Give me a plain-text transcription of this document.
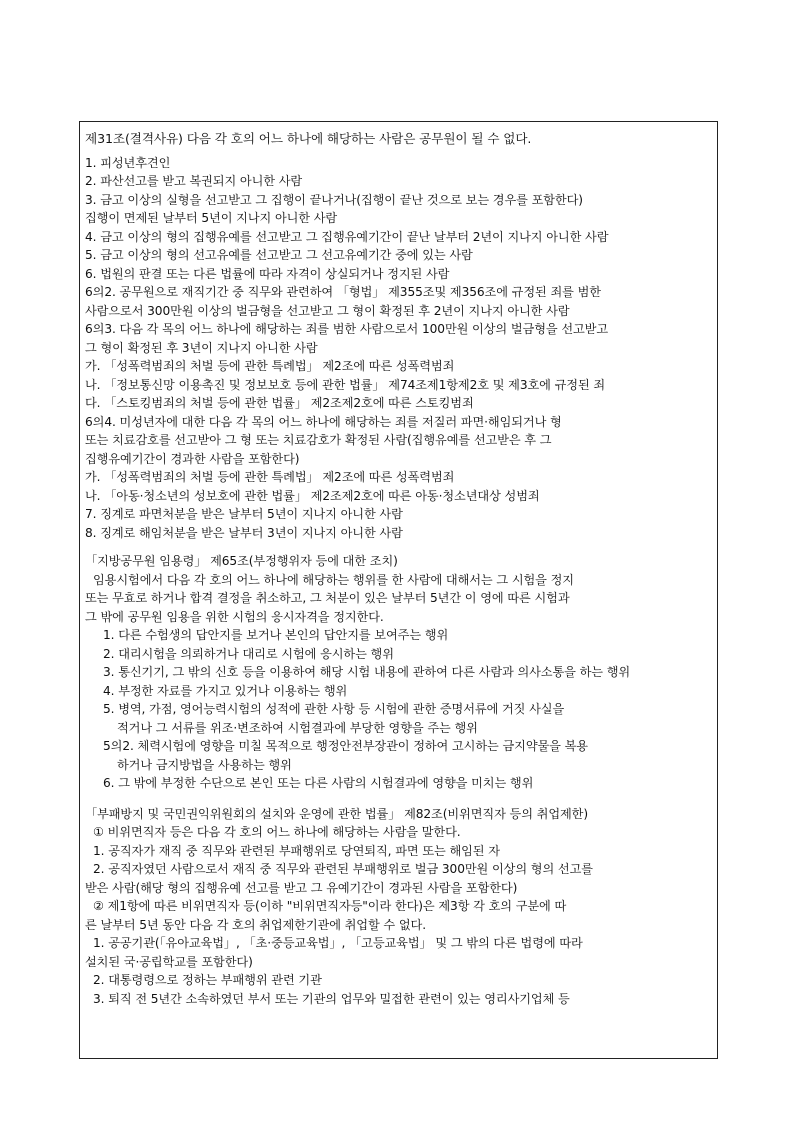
제31조(결격사유) 다음 각 호의 어느 하나에 해당하는 사람은 공무원이 될 수 없다.
1. 피성년후견인
2. 파산선고를 받고 복권되지 아니한 사람
3. 금고 이상의 실형을 선고받고 그 집행이 끝나거나(집행이 끝난 것으로 보는 경우를 포함한다)
집행이 면제된 날부터 5년이 지나지 아니한 사람
4. 금고 이상의 형의 집행유예를 선고받고 그 집행유예기간이 끝난 날부터 2년이 지나지 아니한 사람
5. 금고 이상의 형의 선고유예를 선고받고 그 선고유예기간 중에 있는 사람
6. 법원의 판결 또는 다른 법률에 따라 자격이 상실되거나 정지된 사람
6의2. 공무원으로 재직기간 중 직무와 관련하여 「형법」 제355조및 제356조에 규정된 죄를 범한
사람으로서 300만원 이상의 벌금형을 선고받고 그 형이 확정된 후 2년이 지나지 아니한 사람
6의3. 다음 각 목의 어느 하나에 해당하는 죄를 범한 사람으로서 100만원 이상의 벌금형을 선고받고
그 형이 확정된 후 3년이 지나지 아니한 사람
가. 「성폭력범죄의 처벌 등에 관한 특례법」 제2조에 따른 성폭력범죄
나. 「정보통신망 이용촉진 및 정보보호 등에 관한 법률」 제74조제1항제2호 및 제3호에 규정된 죄
다. 「스토킹범죄의 처벌 등에 관한 법률」 제2조제2호에 따른 스토킹범죄
6의4. 미성년자에 대한 다음 각 목의 어느 하나에 해당하는 죄를 저질러 파면·해임되거나 형
또는 치료감호를 선고받아 그 형 또는 치료감호가 확정된 사람(집행유예를 선고받은 후 그
집행유예기간이 경과한 사람을 포함한다)
가. 「성폭력범죄의 처벌 등에 관한 특례법」 제2조에 따른 성폭력범죄
나. 「아동·청소년의 성보호에 관한 법률」 제2조제2호에 따른 아동·청소년대상 성범죄
7. 징계로 파면처분을 받은 날부터 5년이 지나지 아니한 사람
8. 징계로 해임처분을 받은 날부터 3년이 지나지 아니한 사람
「지방공무원 임용령」 제65조(부정행위자 등에 대한 조치)
임용시험에서 다음 각 호의 어느 하나에 해당하는 행위를 한 사람에 대해서는 그 시험을 정지
또는 무효로 하거나 합격 결정을 취소하고, 그 처분이 있은 날부터 5년간 이 영에 따른 시험과
그 밖에 공무원 임용을 위한 시험의 응시자격을 정지한다.
1. 다른 수험생의 답안지를 보거나 본인의 답안지를 보여주는 행위
2. 대리시험을 의뢰하거나 대리로 시험에 응시하는 행위
3. 통신기기, 그 밖의 신호 등을 이용하여 해당 시험 내용에 관하여 다른 사람과 의사소통을 하는 행위
4. 부정한 자료를 가지고 있거나 이용하는 행위
5. 병역, 가점, 영어능력시험의 성적에 관한 사항 등 시험에 관한 증명서류에 거짓 사실을
적거나 그 서류를 위조·변조하여 시험결과에 부당한 영향을 주는 행위
5의2. 체력시험에 영향을 미칠 목적으로 행정안전부장관이 정하여 고시하는 금지약물을 복용
하거나 금지방법을 사용하는 행위
6. 그 밖에 부정한 수단으로 본인 또는 다른 사람의 시험결과에 영향을 미치는 행위
「부패방지 및 국민권익위원회의 설치와 운영에 관한 법률」 제82조(비위면직자 등의 취업제한)
① 비위면직자 등은 다음 각 호의 어느 하나에 해당하는 사람을 말한다.
1. 공직자가 재직 중 직무와 관련된 부패행위로 당연퇴직, 파면 또는 해임된 자
2. 공직자였던 사람으로서 재직 중 직무와 관련된 부패행위로 벌금 300만원 이상의 형의 선고를
받은 사람(해당 형의 집행유예 선고를 받고 그 유예기간이 경과된 사람을 포함한다)
② 제1항에 따른 비위면직자 등(이하 "비위면직자등"이라 한다)은 제3항 각 호의 구분에 따
른 날부터 5년 동안 다음 각 호의 취업제한기관에 취업할 수 없다.
1. 공공기관(「유아교육법」, 「초·중등교육법」, 「고등교육법」 및 그 밖의 다른 법령에 따라
설치된 국·공립학교를 포함한다)
2. 대통령령으로 정하는 부패행위 관련 기관
3. 퇴직 전 5년간 소속하였던 부서 또는 기관의 업무와 밀접한 관련이 있는 영리사기업체 등
